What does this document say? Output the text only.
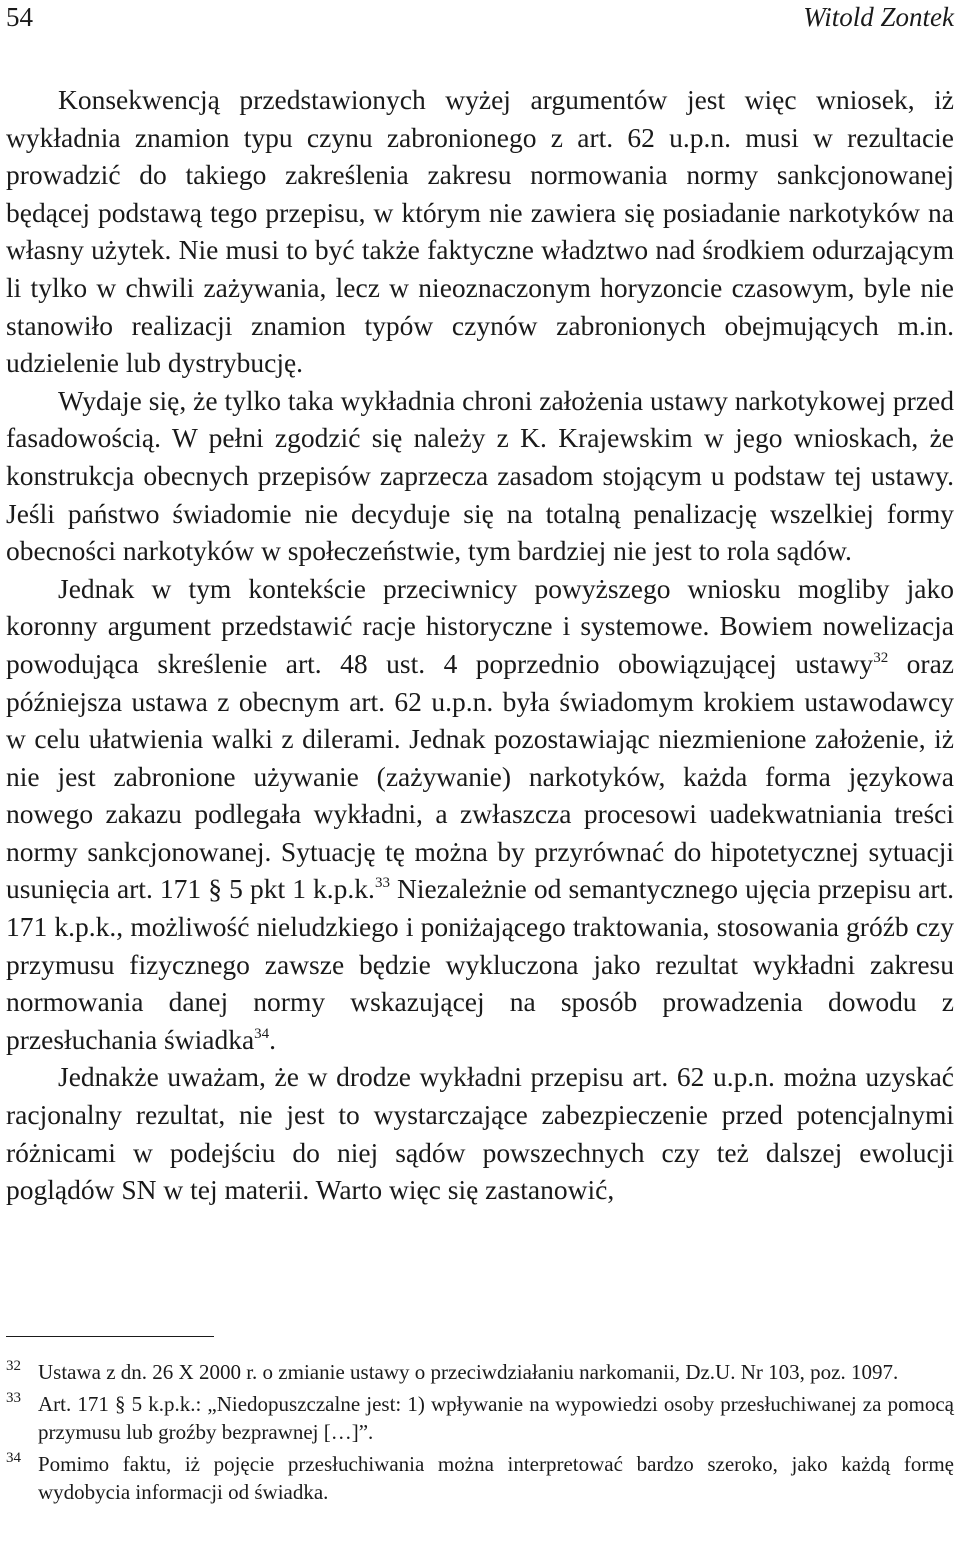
54	Witold Zontek

Konsekwencją przedstawionych wyżej argumentów jest więc wniosek, iż wykładnia znamion typu czynu zabronionego z art. 62 u.p.n. musi w rezultacie prowadzić do takiego zakreślenia zakresu normowania normy sankcjonowanej będącej podstawą tego przepisu, w którym nie zawiera się posiadanie narkotyków na własny użytek. Nie musi to być także faktyczne władztwo nad środkiem odurzającym li tylko w chwili zażywania, lecz w nieoznaczonym horyzoncie czasowym, byle nie stanowiło realizacji znamion typów czynów zabronionych obejmujących m.in. udzielenie lub dystrybucję.

Wydaje się, że tylko taka wykładnia chroni założenia ustawy narkotykowej przed fasadowością. W pełni zgodzić się należy z K. Krajewskim w jego wnioskach, że konstrukcja obecnych przepisów zaprzecza zasadom stojącym u podstaw tej ustawy. Jeśli państwo świadomie nie decyduje się na totalną penalizację wszelkiej formy obecności narkotyków w społeczeństwie, tym bardziej nie jest to rola sądów.

Jednak w tym kontekście przeciwnicy powyższego wniosku mogliby jako koronny argument przedstawić racje historyczne i systemowe. Bowiem nowelizacja powodująca skreślenie art. 48 ust. 4 poprzednio obowiązującej ustawy$^{32}$ oraz późniejsza ustawa z obecnym art. 62 u.p.n. była świadomym krokiem ustawodawcy w celu ułatwienia walki z dilerami. Jednak pozostawiając niezmienione założenie, iż nie jest zabronione używanie (zażywanie) narkotyków, każda forma językowa nowego zakazu podlegała wykładni, a zwłaszcza procesowi uadekwatniania treści normy sankcjonowanej. Sytuację tę można by przyrównać do hipotetycznej sytuacji usunięcia art. 171 § 5 pkt 1 k.p.k.$^{33}$ Niezależnie od semantycznego ujęcia przepisu art. 171 k.p.k., możliwość nieludzkiego i poniżającego traktowania, stosowania gróźb czy przymusu fizycznego zawsze będzie wykluczona jako rezultat wykładni zakresu normowania danej normy wskazującej na sposób prowadzenia dowodu z przesłuchania świadka$^{34}$.

Jednakże uważam, że w drodze wykładni przepisu art. 62 u.p.n. można uzyskać racjonalny rezultat, nie jest to wystarczające zabezpieczenie przed potencjalnymi różnicami w podejściu do niej sądów powszechnych czy też dalszej ewolucji poglądów SN w tej materii. Warto więc się zastanowić,

32 Ustawa z dn. 26 X 2000 r. o zmianie ustawy o przeciwdziałaniu narkomanii, Dz.U. Nr 103, poz. 1097.

33 Art. 171 § 5 k.p.k.: „Niedopuszczalne jest: 1) wpływanie na wypowiedzi osoby przesłuchiwanej za pomocą przymusu lub groźby bezprawnej […]”.

34 Pomimo faktu, iż pojęcie przesłuchiwania można interpretować bardzo szeroko, jako każdą formę wydobycia informacji od świadka.
